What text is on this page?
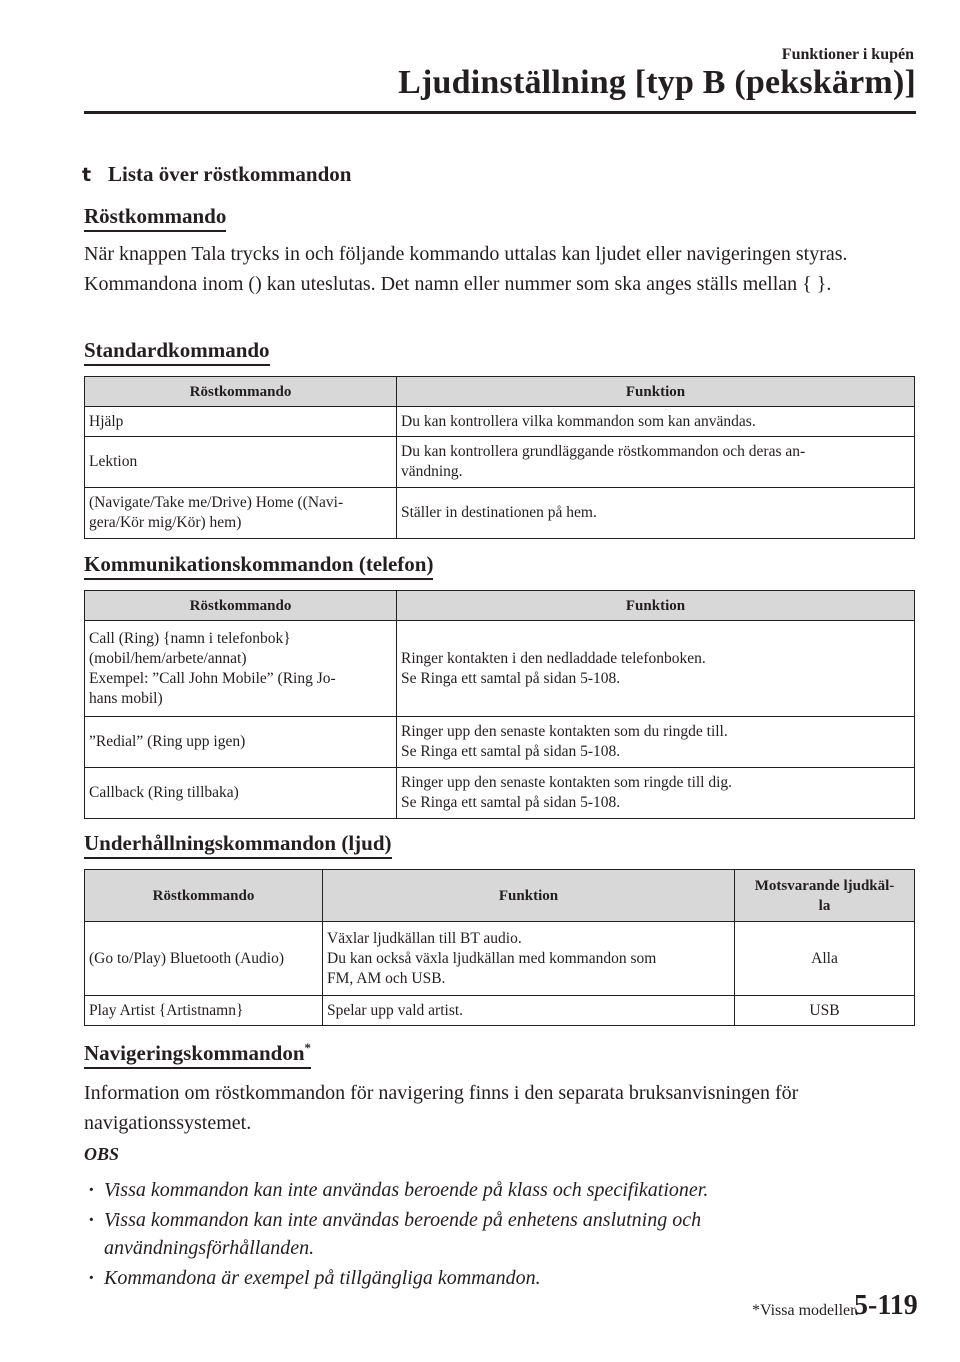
Funktioner i kupén
Ljudinställning [typ B (pekskärm)]
t Lista över röstkommandon
Röstkommando
När knappen Tala trycks in och följande kommando uttalas kan ljudet eller navigeringen styras. Kommandona inom () kan uteslutas. Det namn eller nummer som ska anges ställs mellan { }.
Standardkommando
Röstkommando	Funktion

Hjälp	Du kan kontrollera vilka kommandon som kan användas.

Lektion	Du kan kontrollera grundläggande röstkommandon och deras an-
vändning.

(Navigate/Take me/Drive) Home ((Navi-
gera/Kör mig/Kör) hem)	Ställer in destinationen på hem.
Kommunikationskommandon (telefon)
Röstkommando	Funktion

Call (Ring) {namn i telefonbok}
(mobil/hem/arbete/annat)
Exempel: ”Call John Mobile” (Ring Jo-
hans mobil)	Ringer kontakten i den nedladdade telefonboken.
Se Ringa ett samtal på sidan 5-108.

”Redial” (Ring upp igen)	Ringer upp den senaste kontakten som du ringde till.
Se Ringa ett samtal på sidan 5-108.

Callback (Ring tillbaka)	Ringer upp den senaste kontakten som ringde till dig.
Se Ringa ett samtal på sidan 5-108.
Underhållningskommandon (ljud)
Röstkommando	Funktion	Motsvarande ljudkäl-
la

(Go to/Play) Bluetooth (Audio)	Växlar ljudkällan till BT audio.
Du kan också växla ljudkällan med kommandon som
FM, AM och USB.	Alla

Play Artist {Artistnamn}	Spelar upp vald artist.	USB
Navigeringskommandon*
Information om röstkommandon för navigering finns i den separata bruksanvisningen för navigationssystemet.
OBS
· Vissa kommandon kan inte användas beroende på klass och specifikationer.
· Vissa kommandon kan inte användas beroende på enhetens anslutning och användningsförhållanden.
· Kommandona är exempel på tillgängliga kommandon.
*Vissa modeller.
5-119
